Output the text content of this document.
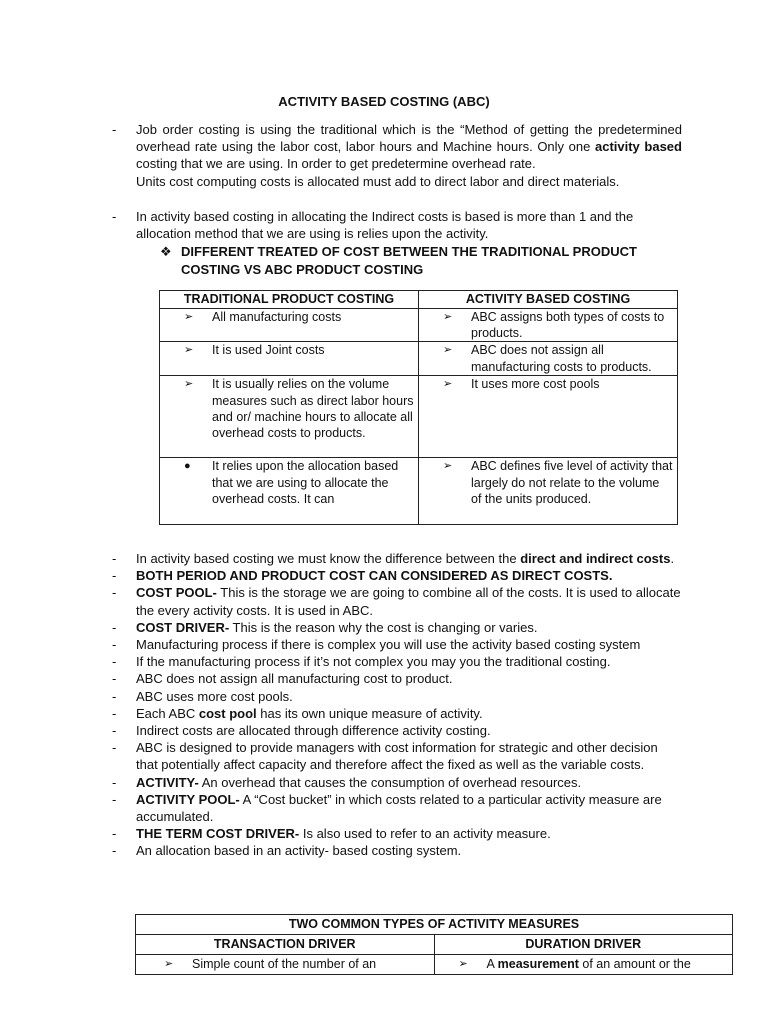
ACTIVITY BASED COSTING (ABC)
-	Job order costing is using the traditional which is the “Method of getting the predetermined overhead rate using the labor cost, labor hours and Machine hours. Only one activity based costing that we are using. In order to get predetermine overhead rate.
Units cost computing costs is allocated must add to direct labor and direct materials.
-	In activity based costing in allocating the Indirect costs is based is more than 1 and the allocation method that we are using is relies upon the activity.
❖ DIFFERENT TREATED OF COST BETWEEN THE TRADITIONAL PRODUCT COSTING VS ABC PRODUCT COSTING
TRADITIONAL PRODUCT COSTING	ACTIVITY BASED COSTING

➢ All manufacturing costs	➢ ABC assigns both types of costs to products.

➢ It is used Joint costs	➢ ABC does not assign all manufacturing costs to products.

➢ It is usually relies on the volume measures such as direct labor hours and or/ machine hours to allocate all overhead costs to products.	➢ It uses more cost pools

● It relies upon the allocation based that we are using to allocate the overhead costs. It can	➢ ABC defines five level of activity that largely do not relate to the volume of the units produced.
-	In activity based costing we must know the difference between the direct and indirect costs.
-	BOTH PERIOD AND PRODUCT COST CAN CONSIDERED AS DIRECT COSTS.
-	COST POOL- This is the storage we are going to combine all of the costs. It is used to allocate the every activity costs. It is used in ABC.
-	COST DRIVER- This is the reason why the cost is changing or varies.
-	Manufacturing process if there is complex you will use the activity based costing system
-	If the manufacturing process if it’s not complex you may you the traditional costing.
-	ABC does not assign all manufacturing cost to product.
-	ABC uses more cost pools.
-	Each ABC cost pool has its own unique measure of activity.
-	Indirect costs are allocated through difference activity costing.
-	ABC is designed to provide managers with cost information for strategic and other decision that potentially affect capacity and therefore affect the fixed as well as the variable costs.
-	ACTIVITY- An overhead that causes the consumption of overhead resources.
-	ACTIVITY POOL- A “Cost bucket” in which costs related to a particular activity measure are accumulated.
-	THE TERM COST DRIVER- Is also used to refer to an activity measure.
-	An allocation based in an activity- based costing system.
TWO COMMON TYPES OF ACTIVITY MEASURES	
TRANSACTION DRIVER	DURATION DRIVER

➢ Simple count of the number of an	➢ A measurement of an amount or the
